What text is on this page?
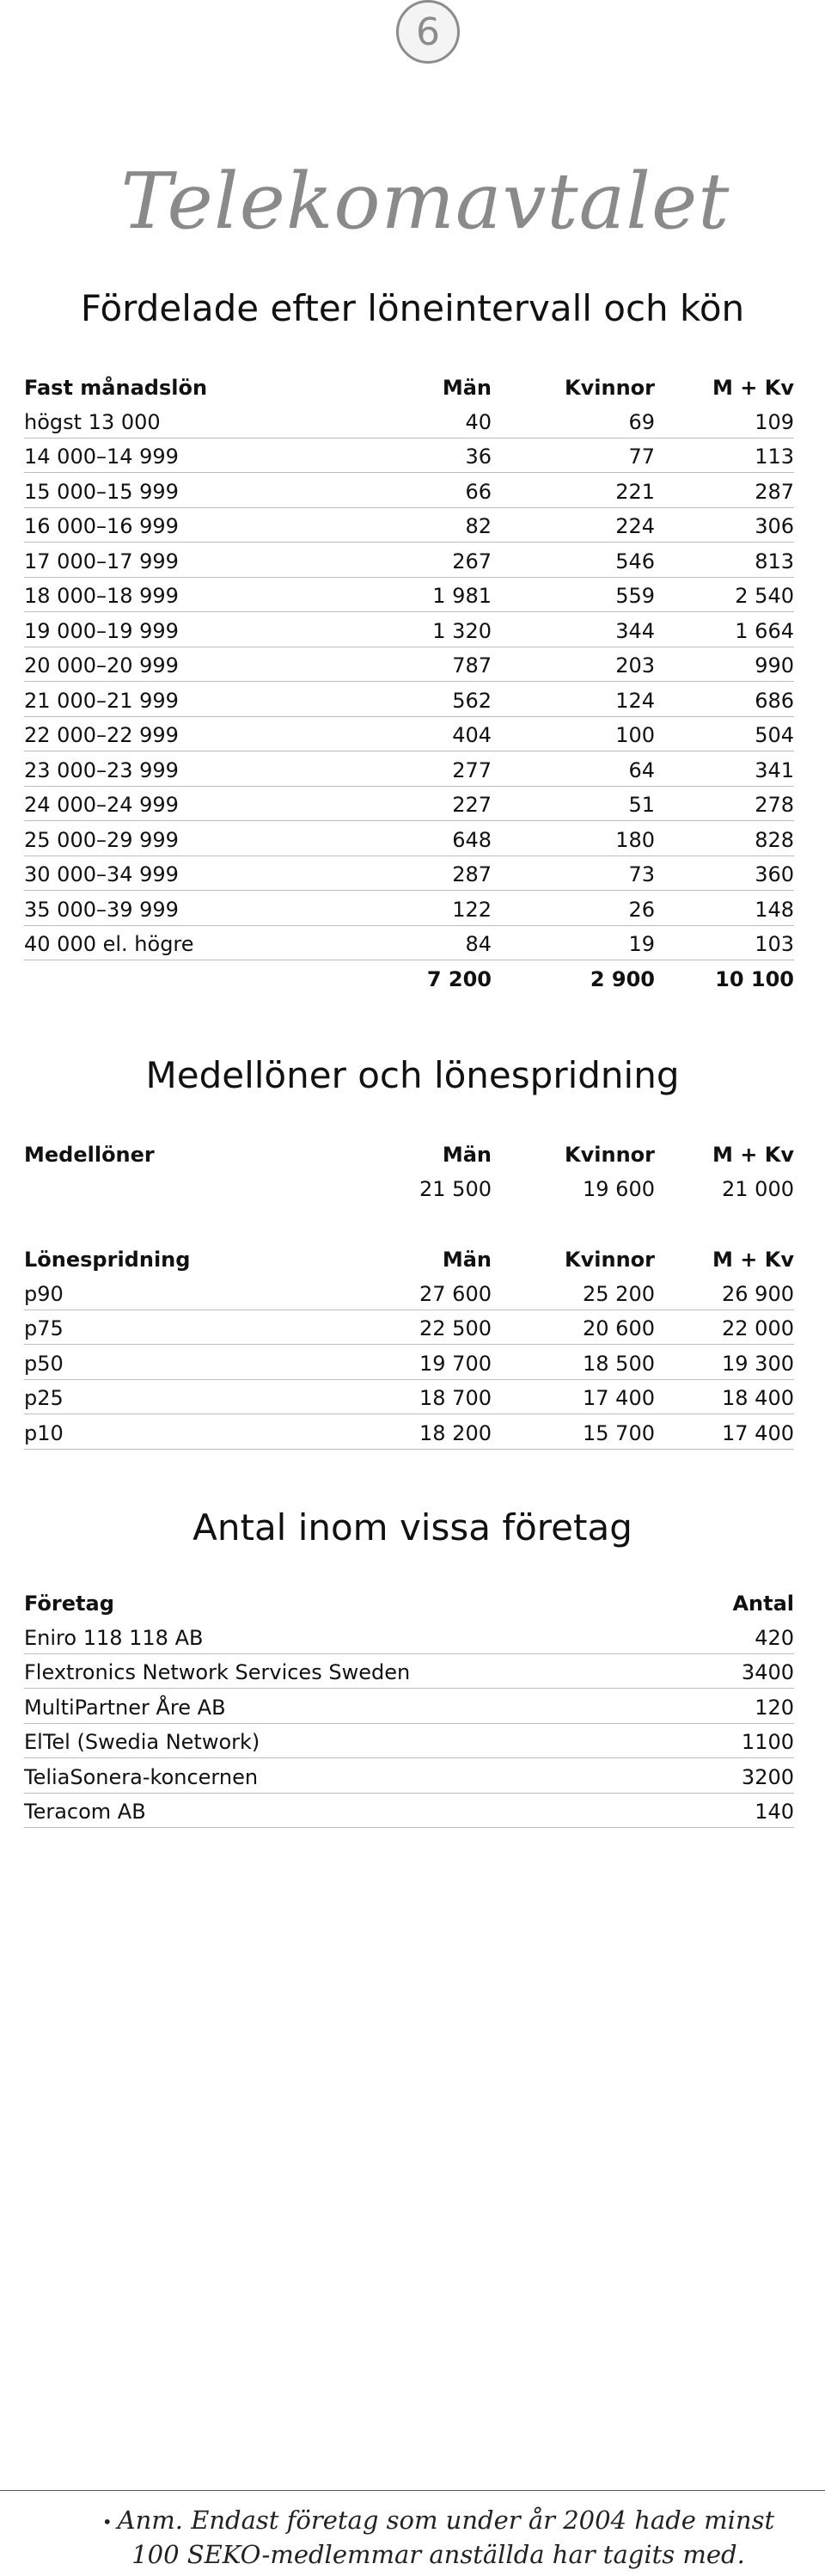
6
Telekomavtalet
Fördelade efter löneintervall och kön
Fast månadslön	Män	Kvinnor	M + Kv
högst 13 000	40	69	109
14 000–14 999	36	77	113
15 000–15 999	66	221	287
16 000–16 999	82	224	306
17 000–17 999	267	546	813
18 000–18 999	1 981	559	2 540
19 000–19 999	1 320	344	1 664
20 000–20 999	787	203	990
21 000–21 999	562	124	686
22 000–22 999	404	100	504
23 000–23 999	277	64	341
24 000–24 999	227	51	278
25 000–29 999	648	180	828
30 000–34 999	287	73	360
35 000–39 999	122	26	148
40 000 el. högre	84	19	103
	7 200	2 900	10 100
Medellöner och lönespridning
Medellöner	Män	Kvinnor	M + Kv
	21 500	19 600	21 000
Lönespridning	Män	Kvinnor	M + Kv
p90	27 600	25 200	26 900
p75	22 500	20 600	22 000
p50	19 700	18 500	19 300
p25	18 700	17 400	18 400
p10	18 200	15 700	17 400
Antal inom vissa företag
Företag	Antal
Eniro 118 118 AB	420
Flextronics Network Services Sweden	3400
MultiPartner Åre AB	120
ElTel (Swedia Network)	1100
TeliaSonera-koncernen	3200
Teracom AB	140
• Anm. Endast företag som under år 2004 hade minst
100 SEKO-medlemmar anställda har tagits med.
